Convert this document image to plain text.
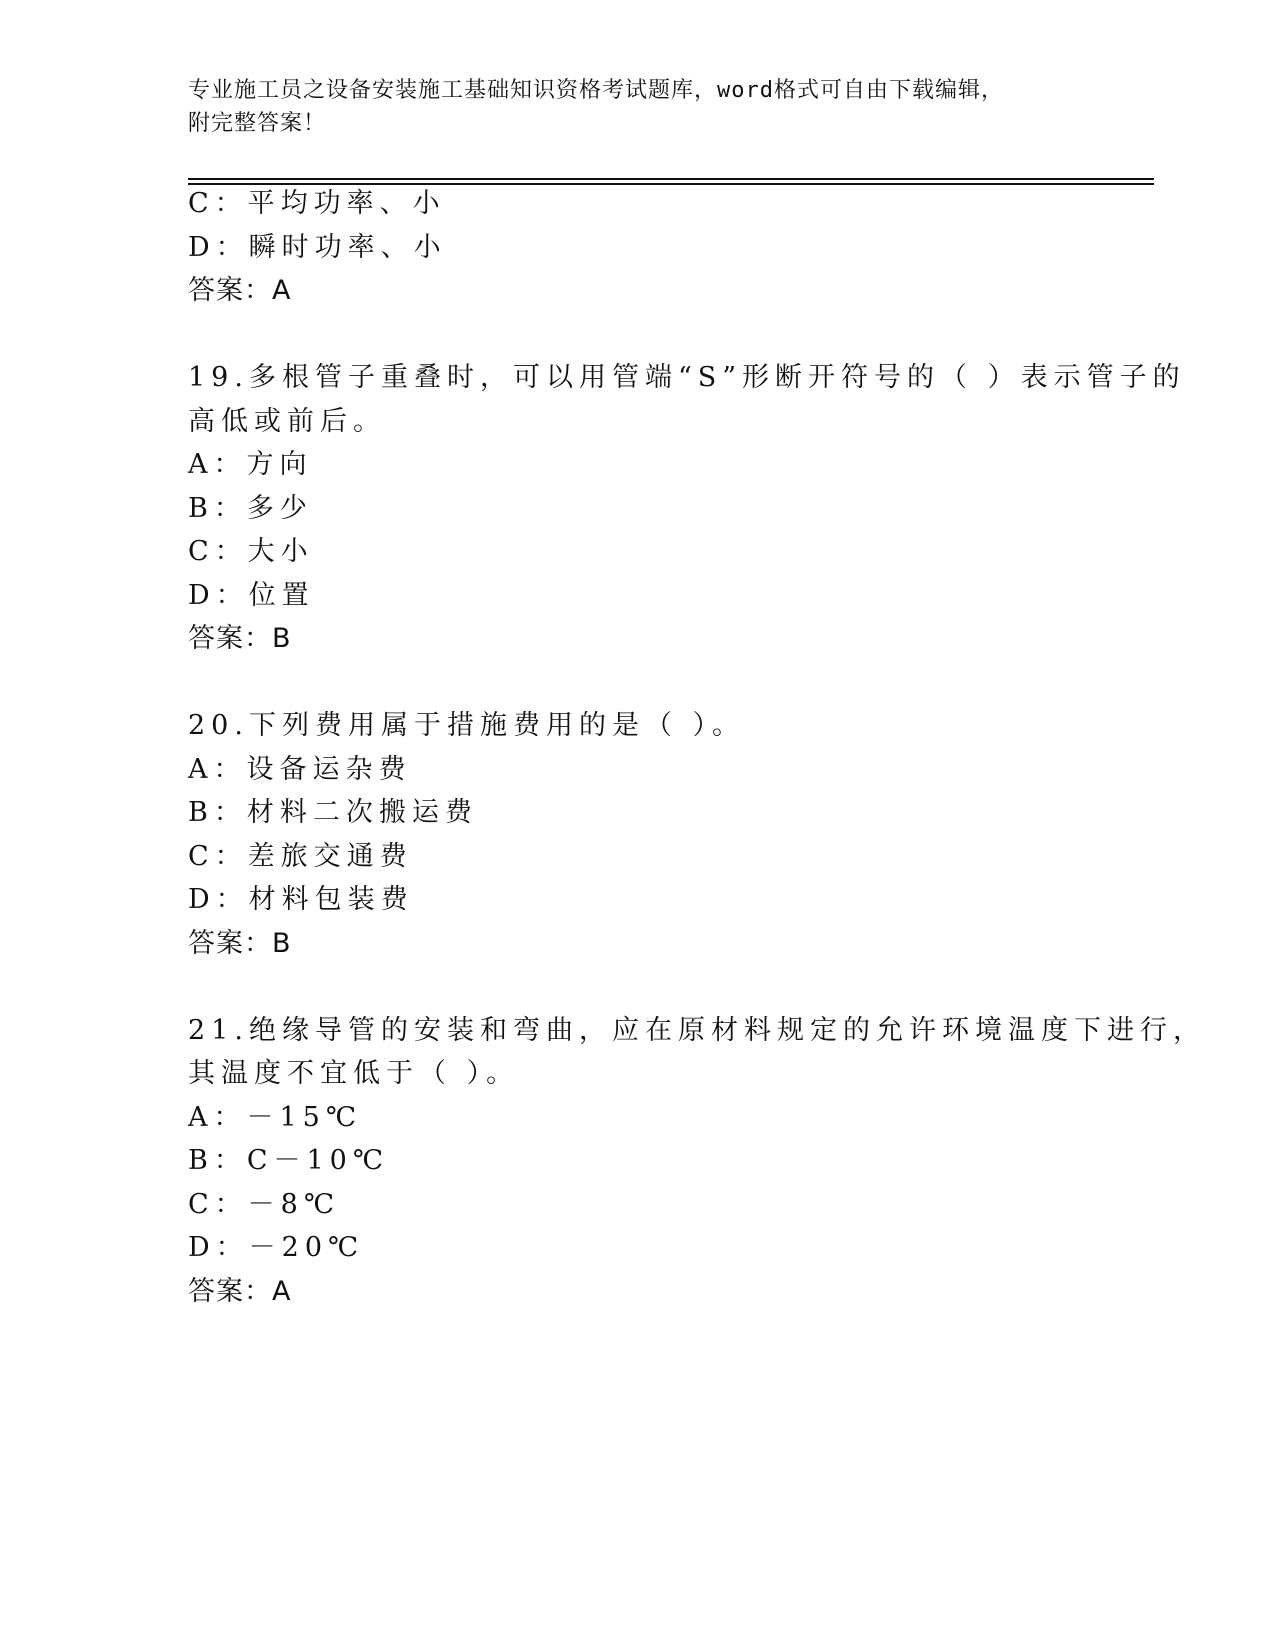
专业施工员之设备安装施工基础知识资格考试题库，word格式可自由下载编辑，
附完整答案！
C：平均功率、小
D：瞬时功率、小
答案：A
19.多根管子重叠时，可以用管端“S”形断开符号的（ ）表示管子的
高低或前后。
A：方向
B：多少
C：大小
D：位置
答案：B
20.下列费用属于措施费用的是（ ）。
A：设备运杂费
B：材料二次搬运费
C：差旅交通费
D：材料包装费
答案：B
21.绝缘导管的安装和弯曲，应在原材料规定的允许环境温度下进行，
其温度不宜低于（ ）。
A：－15℃
B：C－10℃
C：－8℃
D：－20℃
答案：A
